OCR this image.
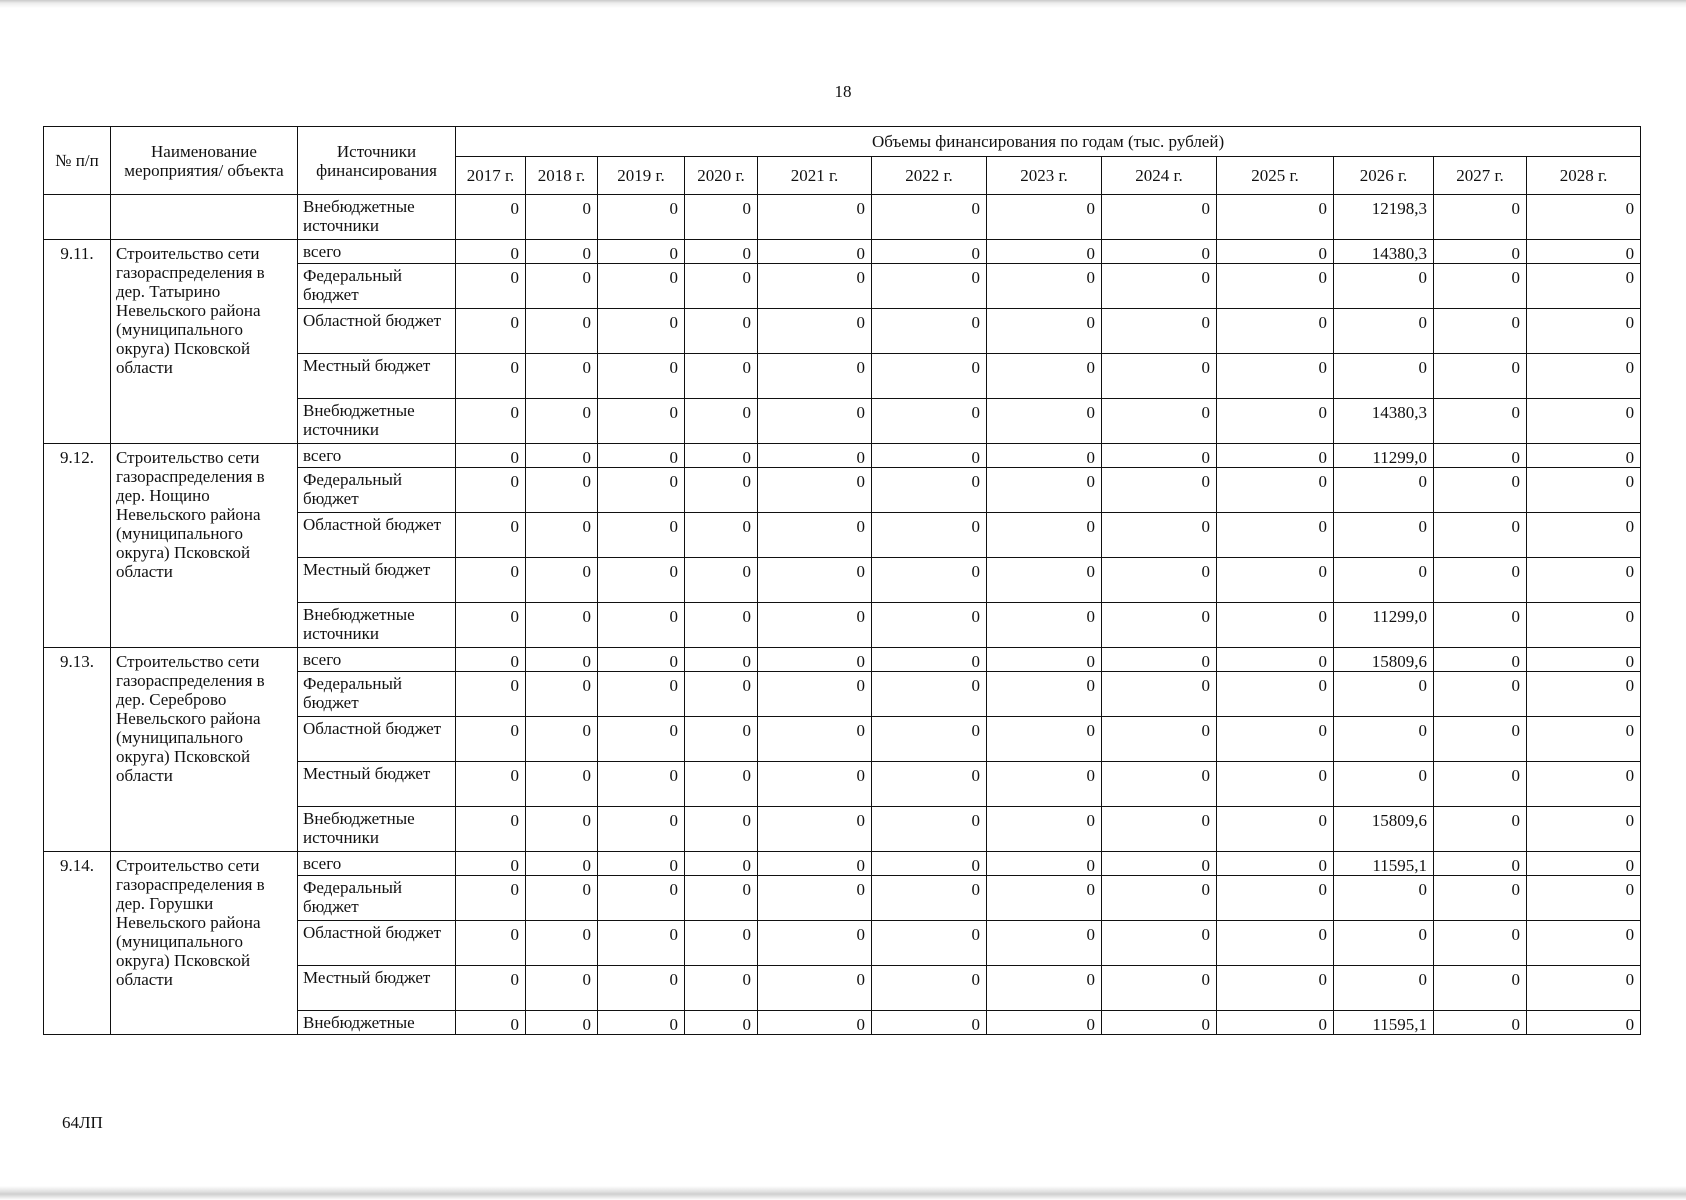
18
№ п/п	Наименование мероприятия/ объекта	Источники финансирования	Объемы финансирования по годам (тыс. рублей)											
			2017 г.	2018 г.	2019 г.	2020 г.	2021 г.	2022 г.	2023 г.	2024 г.	2025 г.	2026 г.	2027 г.	2028 г.
		Внебюджетные источники	0	0	0	0	0	0	0	0	0	12198,3	0	0
9.11.	Строительство сети газораспределения в дер. Татырино Невельского района (муниципального округа) Псковской области	всего	0	0	0	0	0	0	0	0	0	14380,3	0	0
		Федеральный бюджет	0	0	0	0	0	0	0	0	0	0	0	0
		Областной бюджет	0	0	0	0	0	0	0	0	0	0	0	0
		Местный бюджет	0	0	0	0	0	0	0	0	0	0	0	0
		Внебюджетные источники	0	0	0	0	0	0	0	0	0	14380,3	0	0
9.12.	Строительство сети газораспределения в дер. Нощино Невельского района (муниципального округа) Псковской области	всего	0	0	0	0	0	0	0	0	0	11299,0	0	0
		Федеральный бюджет	0	0	0	0	0	0	0	0	0	0	0	0
		Областной бюджет	0	0	0	0	0	0	0	0	0	0	0	0
		Местный бюджет	0	0	0	0	0	0	0	0	0	0	0	0
		Внебюджетные источники	0	0	0	0	0	0	0	0	0	11299,0	0	0
9.13.	Строительство сети газораспределения в дер. Сереброво Невельского района (муниципального округа) Псковской области	всего	0	0	0	0	0	0	0	0	0	15809,6	0	0
		Федеральный бюджет	0	0	0	0	0	0	0	0	0	0	0	0
		Областной бюджет	0	0	0	0	0	0	0	0	0	0	0	0
		Местный бюджет	0	0	0	0	0	0	0	0	0	0	0	0
		Внебюджетные источники	0	0	0	0	0	0	0	0	0	15809,6	0	0
9.14.	Строительство сети газораспределения в дер. Горушки Невельского района (муниципального округа) Псковской области	всего	0	0	0	0	0	0	0	0	0	11595,1	0	0
		Федеральный бюджет	0	0	0	0	0	0	0	0	0	0	0	0
		Областной бюджет	0	0	0	0	0	0	0	0	0	0	0	0
		Местный бюджет	0	0	0	0	0	0	0	0	0	0	0	0
		Внебюджетные	0	0	0	0	0	0	0	0	0	11595,1	0	0
64ЛП
